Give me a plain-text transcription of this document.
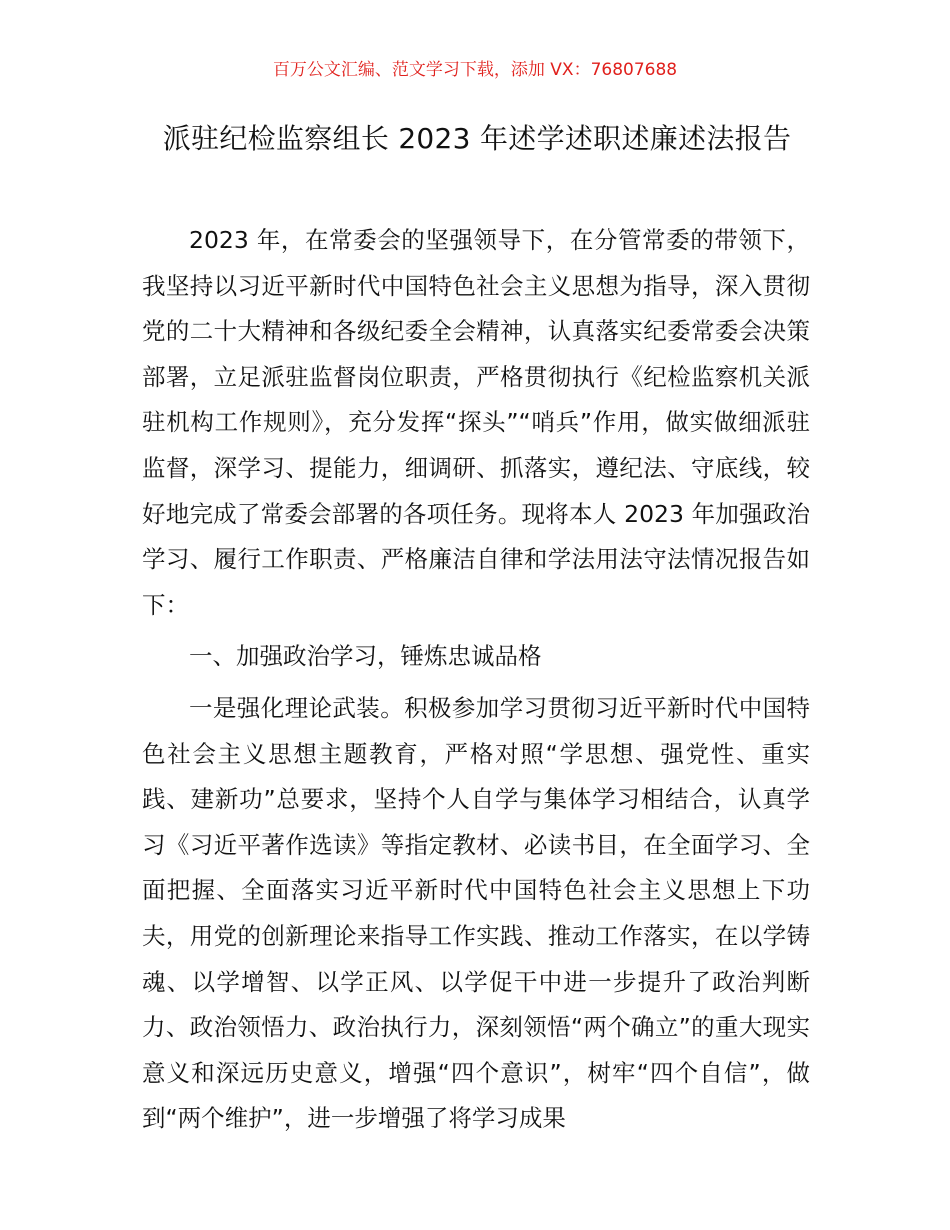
百万公文汇编、范文学习下载，添加 VX：76807688
派驻纪检监察组长 2023 年述学述职述廉述法报告

2023 年，在常委会的坚强领导下，在分管常委的带领下，我坚持以习近平新时代中国特色社会主义思想为指导，深入贯彻党的二十大精神和各级纪委全会精神，认真落实纪委常委会决策部署，立足派驻监督岗位职责，严格贯彻执行《纪检监察机关派驻机构工作规则》，充分发挥“探头”“哨兵”作用，做实做细派驻监督，深学习、提能力，细调研、抓落实，遵纪法、守底线，较好地完成了常委会部署的各项任务。现将本人 2023 年加强政治学习、履行工作职责、严格廉洁自律和学法用法守法情况报告如下：

一、加强政治学习，锤炼忠诚品格

一是强化理论武装。积极参加学习贯彻习近平新时代中国特色社会主义思想主题教育，严格对照“学思想、强党性、重实践、建新功”总要求，坚持个人自学与集体学习相结合，认真学习《习近平著作选读》等指定教材、必读书目，在全面学习、全面把握、全面落实习近平新时代中国特色社会主义思想上下功夫，用党的创新理论来指导工作实践、推动工作落实，在以学铸魂、以学增智、以学正风、以学促干中进一步提升了政治判断力、政治领悟力、政治执行力，深刻领悟“两个确立”的重大现实意义和深远历史意义，增强“四个意识”，树牢“四个自信”，做到“两个维护”，进一步增强了将学习成果
